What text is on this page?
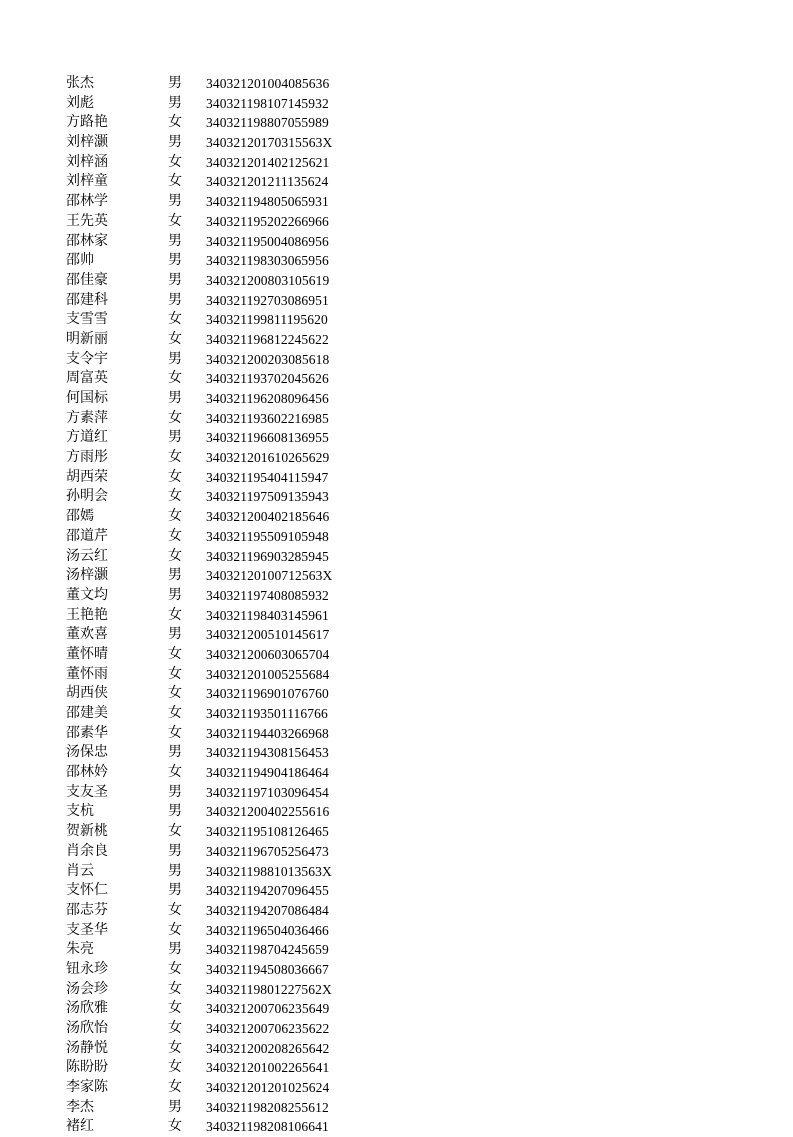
张杰	男	340321201004085636
刘彪	男	340321198107145932
方路艳	女	340321198807055989
刘梓灏	男	34032120170315563X
刘梓涵	女	340321201402125621
刘梓童	女	340321201211135624
邵林学	男	340321194805065931
王先英	女	340321195202266966
邵林家	男	340321195004086956
邵帅	男	340321198303065956
邵佳豪	男	340321200803105619
邵建科	男	340321192703086951
支雪雪	女	340321199811195620
明新丽	女	340321196812245622
支令宇	男	340321200203085618
周富英	女	340321193702045626
何国标	男	340321196208096456
方素萍	女	340321193602216985
方道红	男	340321196608136955
方雨彤	女	340321201610265629
胡西荣	女	340321195404115947
孙明会	女	340321197509135943
邵嫣	女	340321200402185646
邵道芹	女	340321195509105948
汤云红	女	340321196903285945
汤梓灏	男	34032120100712563X
董文均	男	340321197408085932
王艳艳	女	340321198403145961
董欢喜	男	340321200510145617
董怀晴	女	340321200603065704
董怀雨	女	340321201005255684
胡西侠	女	340321196901076760
邵建美	女	340321193501116766
邵素华	女	340321194403266968
汤保忠	男	340321194308156453
邵林妗	女	340321194904186464
支友圣	男	340321197103096454
支杭	男	340321200402255616
贺新桃	女	340321195108126465
肖余良	男	340321196705256473
肖云	男	34032119881013563X
支怀仁	男	340321194207096455
邵志芬	女	340321194207086484
支圣华	女	340321196504036466
朱亮	男	340321198704245659
钮永珍	女	340321194508036667
汤会珍	女	34032119801227562X
汤欣雅	女	340321200706235649
汤欣怡	女	340321200706235622
汤静悦	女	340321200208265642
陈盼盼	女	340321201002265641
李家陈	女	340321201201025624
李杰	男	340321198208255612
褚红	女	340321198208106641
